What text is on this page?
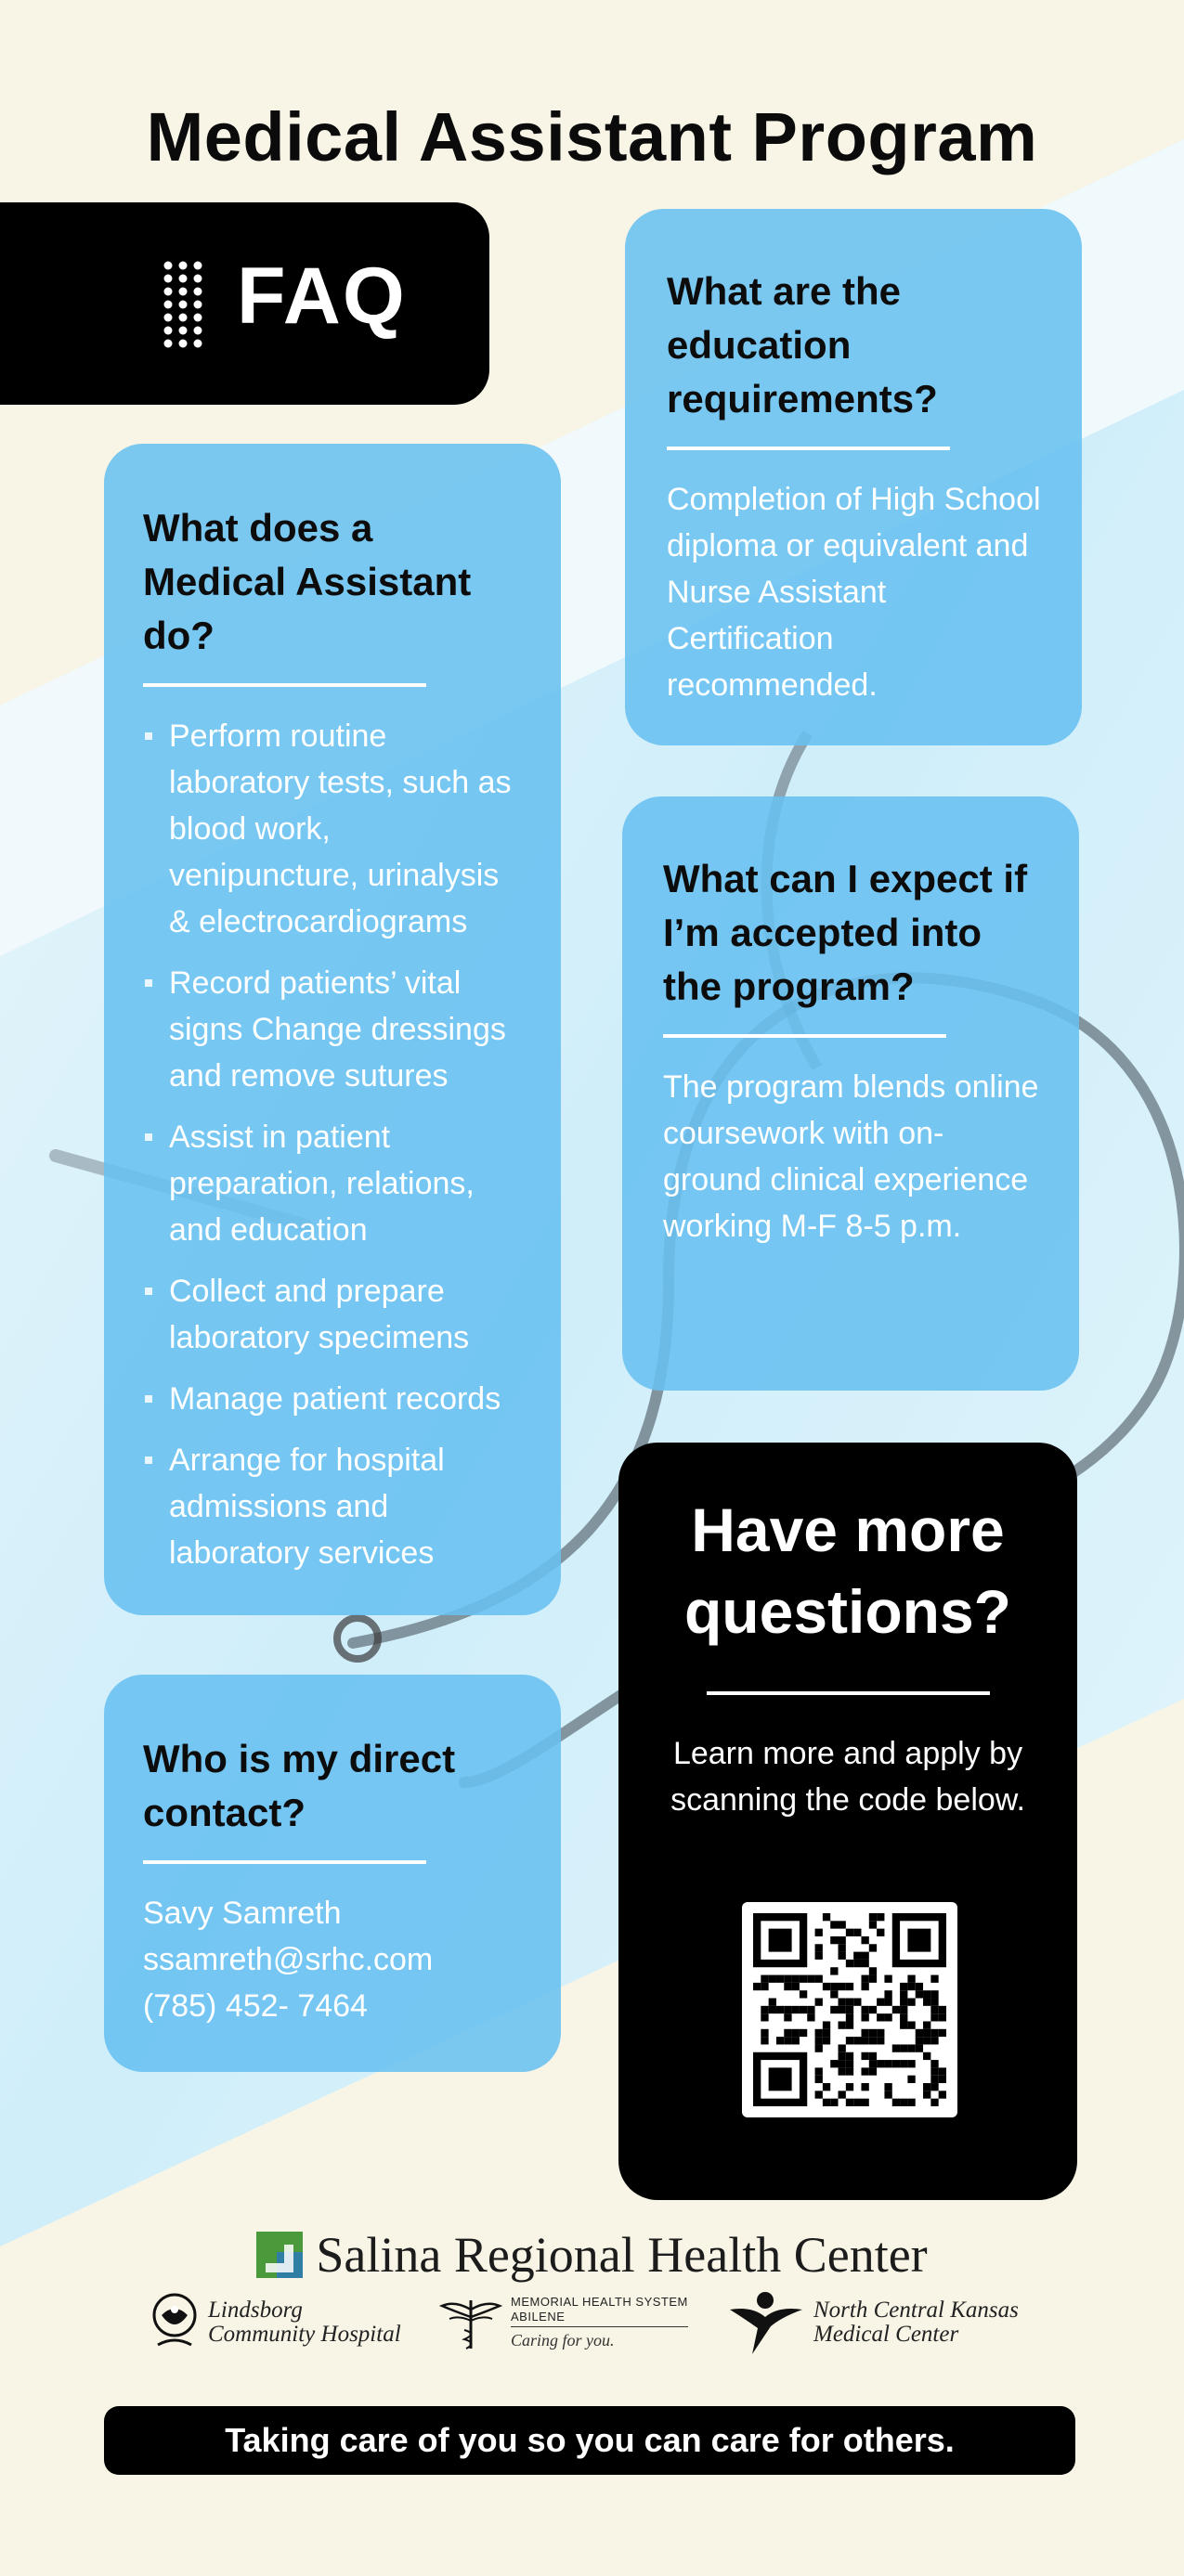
Medical Assistant Program
FAQ
What does a Medical Assistant do?
Perform routine laboratory tests, such as blood work, venipuncture, urinalysis & electrocardiograms
Record patients’ vital signs Change dressings and remove sutures
Assist in patient preparation, relations, and education
Collect and prepare laboratory specimens
Manage patient records
Arrange for hospital admissions and laboratory services
What are the education requirements?

Completion of High School diploma or equivalent and Nurse Assistant Certification recommended.

What can I expect if I’m accepted into the program?

The program blends online coursework with on-ground clinical experience working M-F 8-5 p.m.

Who is my direct contact?

Savy Samreth

ssamreth@srhc.com

(785) 452- 7464

Have more questions?

Learn more and apply by scanning the code below.

Salina Regional Health Center
Lindsborg
Community Hospital
MEMORIAL HEALTH SYSTEM
ABILENE
Caring for you.
North Central Kansas
Medical Center
Taking care of you so you can care for others.
